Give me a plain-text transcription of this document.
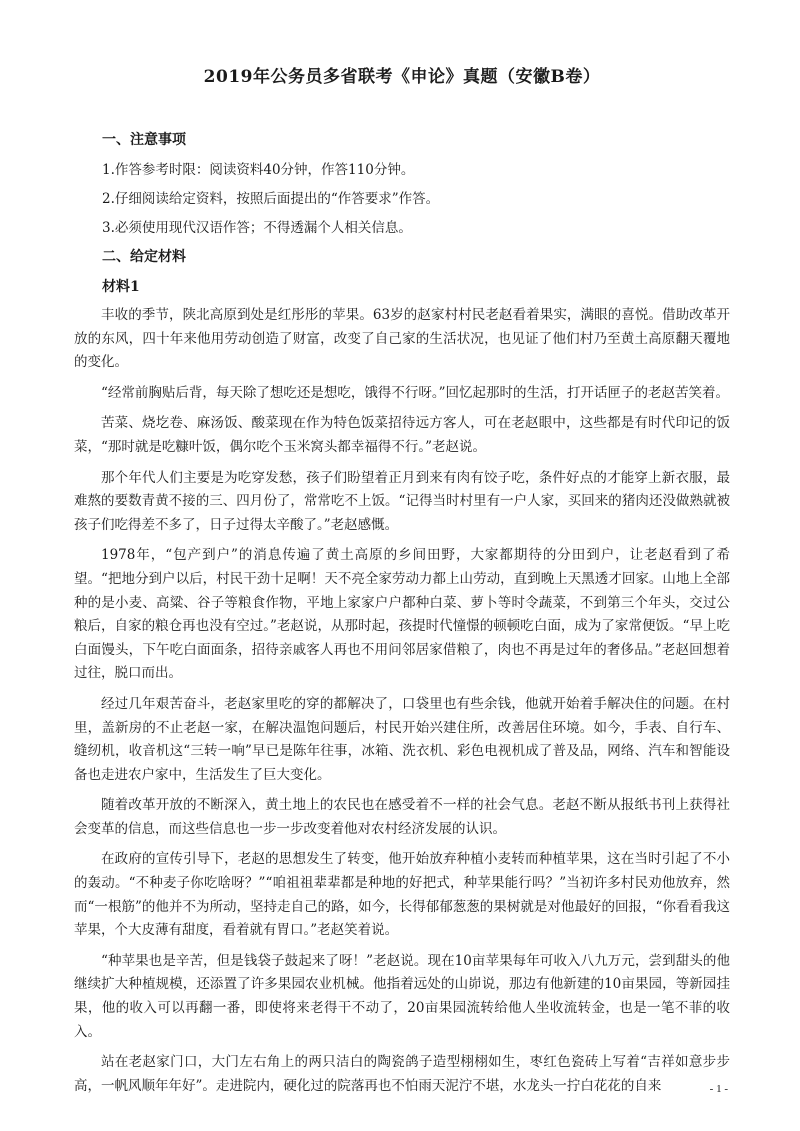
2019年公务员多省联考《申论》真题（安徽B卷）
一、注意事项
1.作答参考时限：阅读资料40分钟，作答110分钟。
2.仔细阅读给定资料，按照后面提出的“作答要求”作答。
3.必须使用现代汉语作答；不得透漏个人相关信息。
二、给定材料
材料1

丰收的季节，陕北高原到处是红彤彤的苹果。63岁的赵家村村民老赵看着果实，满眼的喜悦。借助改革开放的东风，四十年来他用劳动创造了财富，改变了自己家的生活状况，也见证了他们村乃至黄土高原翻天覆地的变化。

“经常前胸贴后背，每天除了想吃还是想吃，饿得不行呀。”回忆起那时的生活，打开话匣子的老赵苦笑着。

苦菜、烧圪卷、麻汤饭、酸菜现在作为特色饭菜招待远方客人，可在老赵眼中，这些都是有时代印记的饭菜，“那时就是吃糠叶饭，偶尔吃个玉米窝头都幸福得不行。”老赵说。

那个年代人们主要是为吃穿发愁，孩子们盼望着正月到来有肉有饺子吃，条件好点的才能穿上新衣服，最难熬的要数青黄不接的三、四月份了，常常吃不上饭。“记得当时村里有一户人家，买回来的猪肉还没做熟就被孩子们吃得差不多了，日子过得太辛酸了。”老赵感慨。

1978年，“包产到户”的消息传遍了黄土高原的乡间田野，大家都期待的分田到户，让老赵看到了希望。“把地分到户以后，村民干劲十足啊！天不亮全家劳动力都上山劳动，直到晚上天黑透才回家。山地上全部种的是小麦、高粱、谷子等粮食作物，平地上家家户户都种白菜、萝卜等时令蔬菜，不到第三个年头，交过公粮后，自家的粮仓再也没有空过。”老赵说，从那时起，孩提时代憧憬的顿顿吃白面，成为了家常便饭。“早上吃白面馒头，下午吃白面面条，招待亲戚客人再也不用问邻居家借粮了，肉也不再是过年的奢侈品。”老赵回想着过往，脱口而出。

经过几年艰苦奋斗，老赵家里吃的穿的都解决了，口袋里也有些余钱，他就开始着手解决住的问题。在村里，盖新房的不止老赵一家，在解决温饱问题后，村民开始兴建住所，改善居住环境。如今，手表、自行车、缝纫机，收音机这“三转一响”早已是陈年往事，冰箱、洗衣机、彩色电视机成了普及品，网络、汽车和智能设备也走进农户家中，生活发生了巨大变化。

随着改革开放的不断深入，黄土地上的农民也在感受着不一样的社会气息。老赵不断从报纸书刊上获得社会变革的信息，而这些信息也一步一步改变着他对农村经济发展的认识。

在政府的宣传引导下，老赵的思想发生了转变，他开始放弃种植小麦转而种植苹果，这在当时引起了不小的轰动。“不种麦子你吃啥呀？”“咱祖祖辈辈都是种地的好把式，种苹果能行吗？”当初许多村民劝他放弃，然而“一根筋”的他并不为所动，坚持走自己的路，如今，长得郁郁葱葱的果树就是对他最好的回报，“你看看我这苹果，个大皮薄有甜度，看着就有胃口。”老赵笑着说。

“种苹果也是辛苦，但是钱袋子鼓起来了呀！”老赵说。现在10亩苹果每年可收入八九万元，尝到甜头的他继续扩大种植规模，还添置了许多果园农业机械。他指着远处的山峁说，那边有他新建的10亩果园，等新园挂果，他的收入可以再翻一番，即使将来老得干不动了，20亩果园流转给他人坐收流转金，也是一笔不菲的收入。

站在老赵家门口，大门左右角上的两只洁白的陶瓷鸽子造型栩栩如生，枣红色瓷砖上写着“吉祥如意步步高，一帆风顺年年好”。走进院内，硬化过的院落再也不怕雨天泥泞不堪，水龙头一拧白花花的自来	- 1 -
